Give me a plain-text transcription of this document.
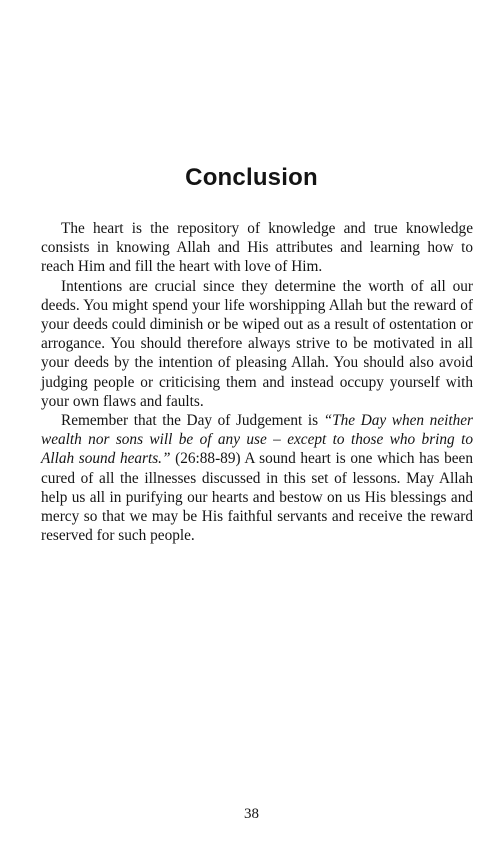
Conclusion

The heart is the repository of knowledge and true knowledge consists in knowing Allah and His attributes and learning how to reach Him and fill the heart with love of Him.

Intentions are crucial since they determine the worth of all our deeds. You might spend your life worshipping Allah but the reward of your deeds could diminish or be wiped out as a result of ostentation or arrogance. You should therefore always strive to be motivated in all your deeds by the intention of pleasing Allah. You should also avoid judging people or criticising them and instead occupy yourself with your own flaws and faults.

Remember that the Day of Judgement is “The Day when neither wealth nor sons will be of any use – except to those who bring to Allah sound hearts.” (26:88-89) A sound heart is one which has been cured of all the illnesses discussed in this set of lessons. May Allah help us all in purifying our hearts and bestow on us His blessings and mercy so that we may be His faithful servants and receive the reward reserved for such people.

38
